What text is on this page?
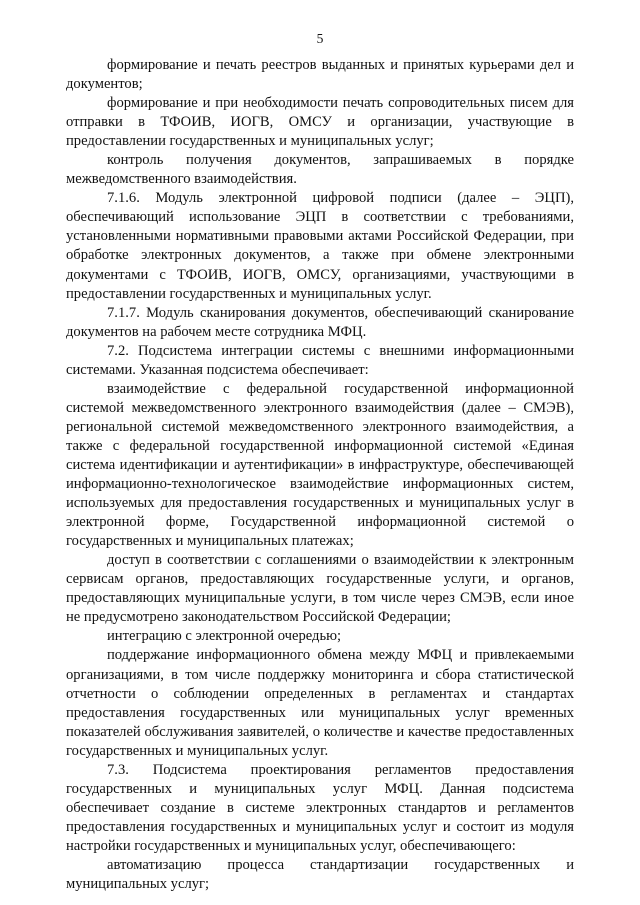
5

формирование и печать реестров выданных и принятых курьерами дел и документов;

формирование и при необходимости печать сопроводительных писем для отправки в ТФОИВ, ИОГВ, ОМСУ и организации, участвующие в предоставлении государственных и муниципальных услуг;

контроль получения документов, запрашиваемых в порядке межведомственного взаимодействия.

7.1.6. Модуль электронной цифровой подписи (далее – ЭЦП), обеспечивающий использование ЭЦП в соответствии с требованиями, установленными нормативными правовыми актами Российской Федерации, при обработке электронных документов, а также при обмене электронными документами с ТФОИВ, ИОГВ, ОМСУ, организациями, участвующими в предоставлении государственных и муниципальных услуг.

7.1.7. Модуль сканирования документов, обеспечивающий сканирование документов на рабочем месте сотрудника МФЦ.

7.2. Подсистема интеграции системы с внешними информационными системами. Указанная подсистема обеспечивает:

взаимодействие с федеральной государственной информационной системой межведомственного электронного взаимодействия (далее – СМЭВ), региональной системой межведомственного электронного взаимодействия, а также с федеральной государственной информационной системой «Единая система идентификации и аутентификации» в инфраструктуре, обеспечивающей информационно-технологическое взаимодействие информационных систем, используемых для предоставления государственных и муниципальных услуг в электронной форме, Государственной информационной системой о государственных и муниципальных платежах;

доступ в соответствии с соглашениями о взаимодействии к электронным сервисам органов, предоставляющих государственные услуги, и органов, предоставляющих муниципальные услуги, в том числе через СМЭВ, если иное не предусмотрено законодательством Российской Федерации;

интеграцию с электронной очередью;

поддержание информационного обмена между МФЦ и привлекаемыми организациями, в том числе поддержку мониторинга и сбора статистической отчетности о соблюдении определенных в регламентах и стандартах предоставления государственных или муниципальных услуг временных показателей обслуживания заявителей, о количестве и качестве предоставленных государственных и муниципальных услуг.

7.3. Подсистема проектирования регламентов предоставления государственных и муниципальных услуг МФЦ. Данная подсистема обеспечивает создание в системе электронных стандартов и регламентов предоставления государственных и муниципальных услуг и состоит из модуля настройки государственных и муниципальных услуг, обеспечивающего:

автоматизацию процесса стандартизации государственных и муниципальных услуг;
